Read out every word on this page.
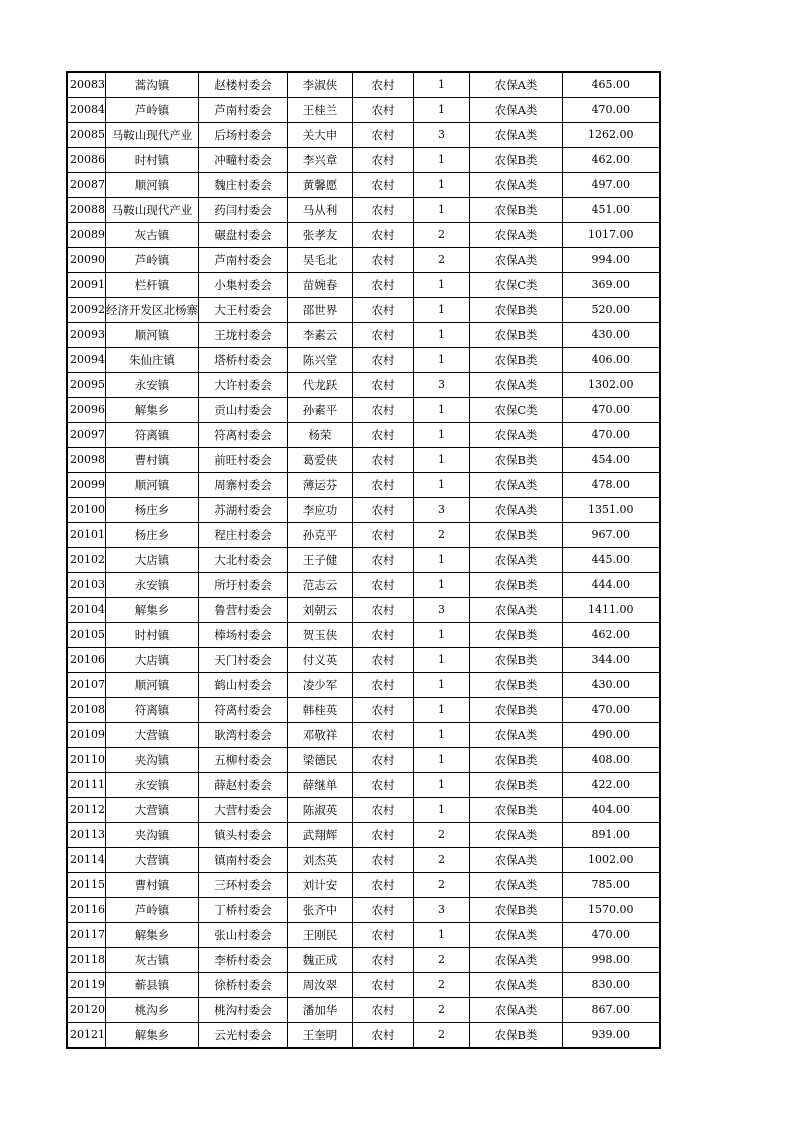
20083	蒿沟镇	赵楼村委会	李淑侠	农村	1	农保A类	465.00
20084	芦岭镇	芦南村委会	王桂兰	农村	1	农保A类	470.00
20085	马鞍山现代产业	后场村委会	关大申	农村	3	农保A类	1262.00
20086	时村镇	冲疃村委会	李兴章	农村	1	农保B类	462.00
20087	顺河镇	魏庄村委会	黄馨愿	农村	1	农保A类	497.00
20088	马鞍山现代产业	药闫村委会	马从利	农村	1	农保B类	451.00
20089	灰古镇	碾盘村委会	张孝友	农村	2	农保A类	1017.00
20090	芦岭镇	芦南村委会	吴毛北	农村	2	农保A类	994.00
20091	栏杆镇	小集村委会	苗婉春	农村	1	农保C类	369.00
20092	经济开发区北杨寨	大王村委会	邵世界	农村	1	农保B类	520.00
20093	顺河镇	王垅村委会	李素云	农村	1	农保B类	430.00
20094	朱仙庄镇	塔桥村委会	陈兴堂	农村	1	农保B类	406.00
20095	永安镇	大许村委会	代龙跃	农村	3	农保A类	1302.00
20096	解集乡	贡山村委会	孙素平	农村	1	农保C类	470.00
20097	符离镇	符离村委会	杨荣	农村	1	农保A类	470.00
20098	曹村镇	前旺村委会	葛爱侠	农村	1	农保B类	454.00
20099	顺河镇	周寨村委会	薄运芬	农村	1	农保A类	478.00
20100	杨庄乡	苏湖村委会	李应功	农村	3	农保A类	1351.00
20101	杨庄乡	程庄村委会	孙克平	农村	2	农保B类	967.00
20102	大店镇	大北村委会	王子健	农村	1	农保A类	445.00
20103	永安镇	所圩村委会	范志云	农村	1	农保B类	444.00
20104	解集乡	鲁营村委会	刘朝云	农村	3	农保A类	1411.00
20105	时村镇	棒场村委会	贺玉侠	农村	1	农保B类	462.00
20106	大店镇	天门村委会	付义英	农村	1	农保B类	344.00
20107	顺河镇	鹤山村委会	凌少军	农村	1	农保B类	430.00
20108	符离镇	符离村委会	韩桂英	农村	1	农保B类	470.00
20109	大营镇	耿湾村委会	邓敬祥	农村	1	农保A类	490.00
20110	夹沟镇	五柳村委会	梁德民	农村	1	农保B类	408.00
20111	永安镇	薛赵村委会	薛继单	农村	1	农保B类	422.00
20112	大营镇	大营村委会	陈淑英	农村	1	农保B类	404.00
20113	夹沟镇	镇头村委会	武翔辉	农村	2	农保A类	891.00
20114	大营镇	镇南村委会	刘杰英	农村	2	农保A类	1002.00
20115	曹村镇	三环村委会	刘计安	农村	2	农保A类	785.00
20116	芦岭镇	丁桥村委会	张齐中	农村	3	农保B类	1570.00
20117	解集乡	张山村委会	王刚民	农村	1	农保A类	470.00
20118	灰古镇	李桥村委会	魏正成	农村	2	农保A类	998.00
20119	蕲县镇	徐桥村委会	周汝翠	农村	2	农保A类	830.00
20120	桃沟乡	桃沟村委会	潘加华	农村	2	农保A类	867.00
20121	解集乡	云光村委会	王奎明	农村	2	农保B类	939.00
